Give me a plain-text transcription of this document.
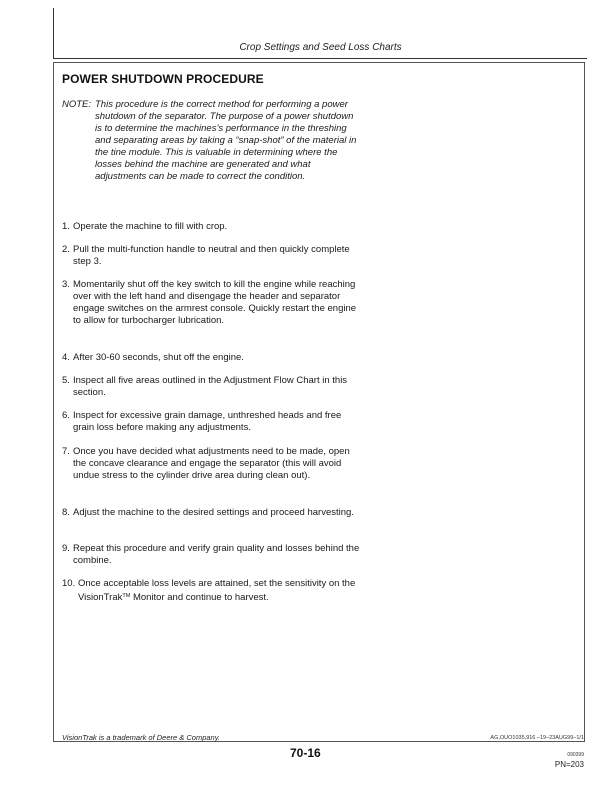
Crop Settings and Seed Loss Charts
POWER SHUTDOWN PROCEDURE
NOTE: This procedure is the correct method for performing a power shutdown of the separator. The purpose of a power shutdown is to determine the machines’s performance in the threshing and separating areas by taking a “snap-shot” of the material in the tine module. This is valuable in determining where the losses behind the machine are generated and what adjustments can be made to correct the condition.
1. Operate the machine to fill with crop.
2. Pull the multi-function handle to neutral and then quickly complete step 3.
3. Momentarily shut off the key switch to kill the engine while reaching over with the left hand and disengage the header and separator engage switches on the armrest console. Quickly restart the engine to allow for turbocharger lubrication.
4. After 30-60 seconds, shut off the engine.
5. Inspect all five areas outlined in the Adjustment Flow Chart in this section.
6. Inspect for excessive grain damage, unthreshed heads and free grain loss before making any adjustments.
7. Once you have decided what adjustments need to be made, open the concave clearance and engage the separator (this will avoid undue stress to the cylinder drive area during clean out).
8. Adjust the machine to the desired settings and proceed harvesting.
9. Repeat this procedure and verify grain quality and losses behind the combine.
10. Once acceptable loss levels are attained, set the sensitivity on the VisionTrak™ Monitor and continue to harvest.
VisionTrak is a trademark of Deere & Company.	AG,OUO1035,916 –19–23AUG99–1/1
70-16	090399
PN=203
